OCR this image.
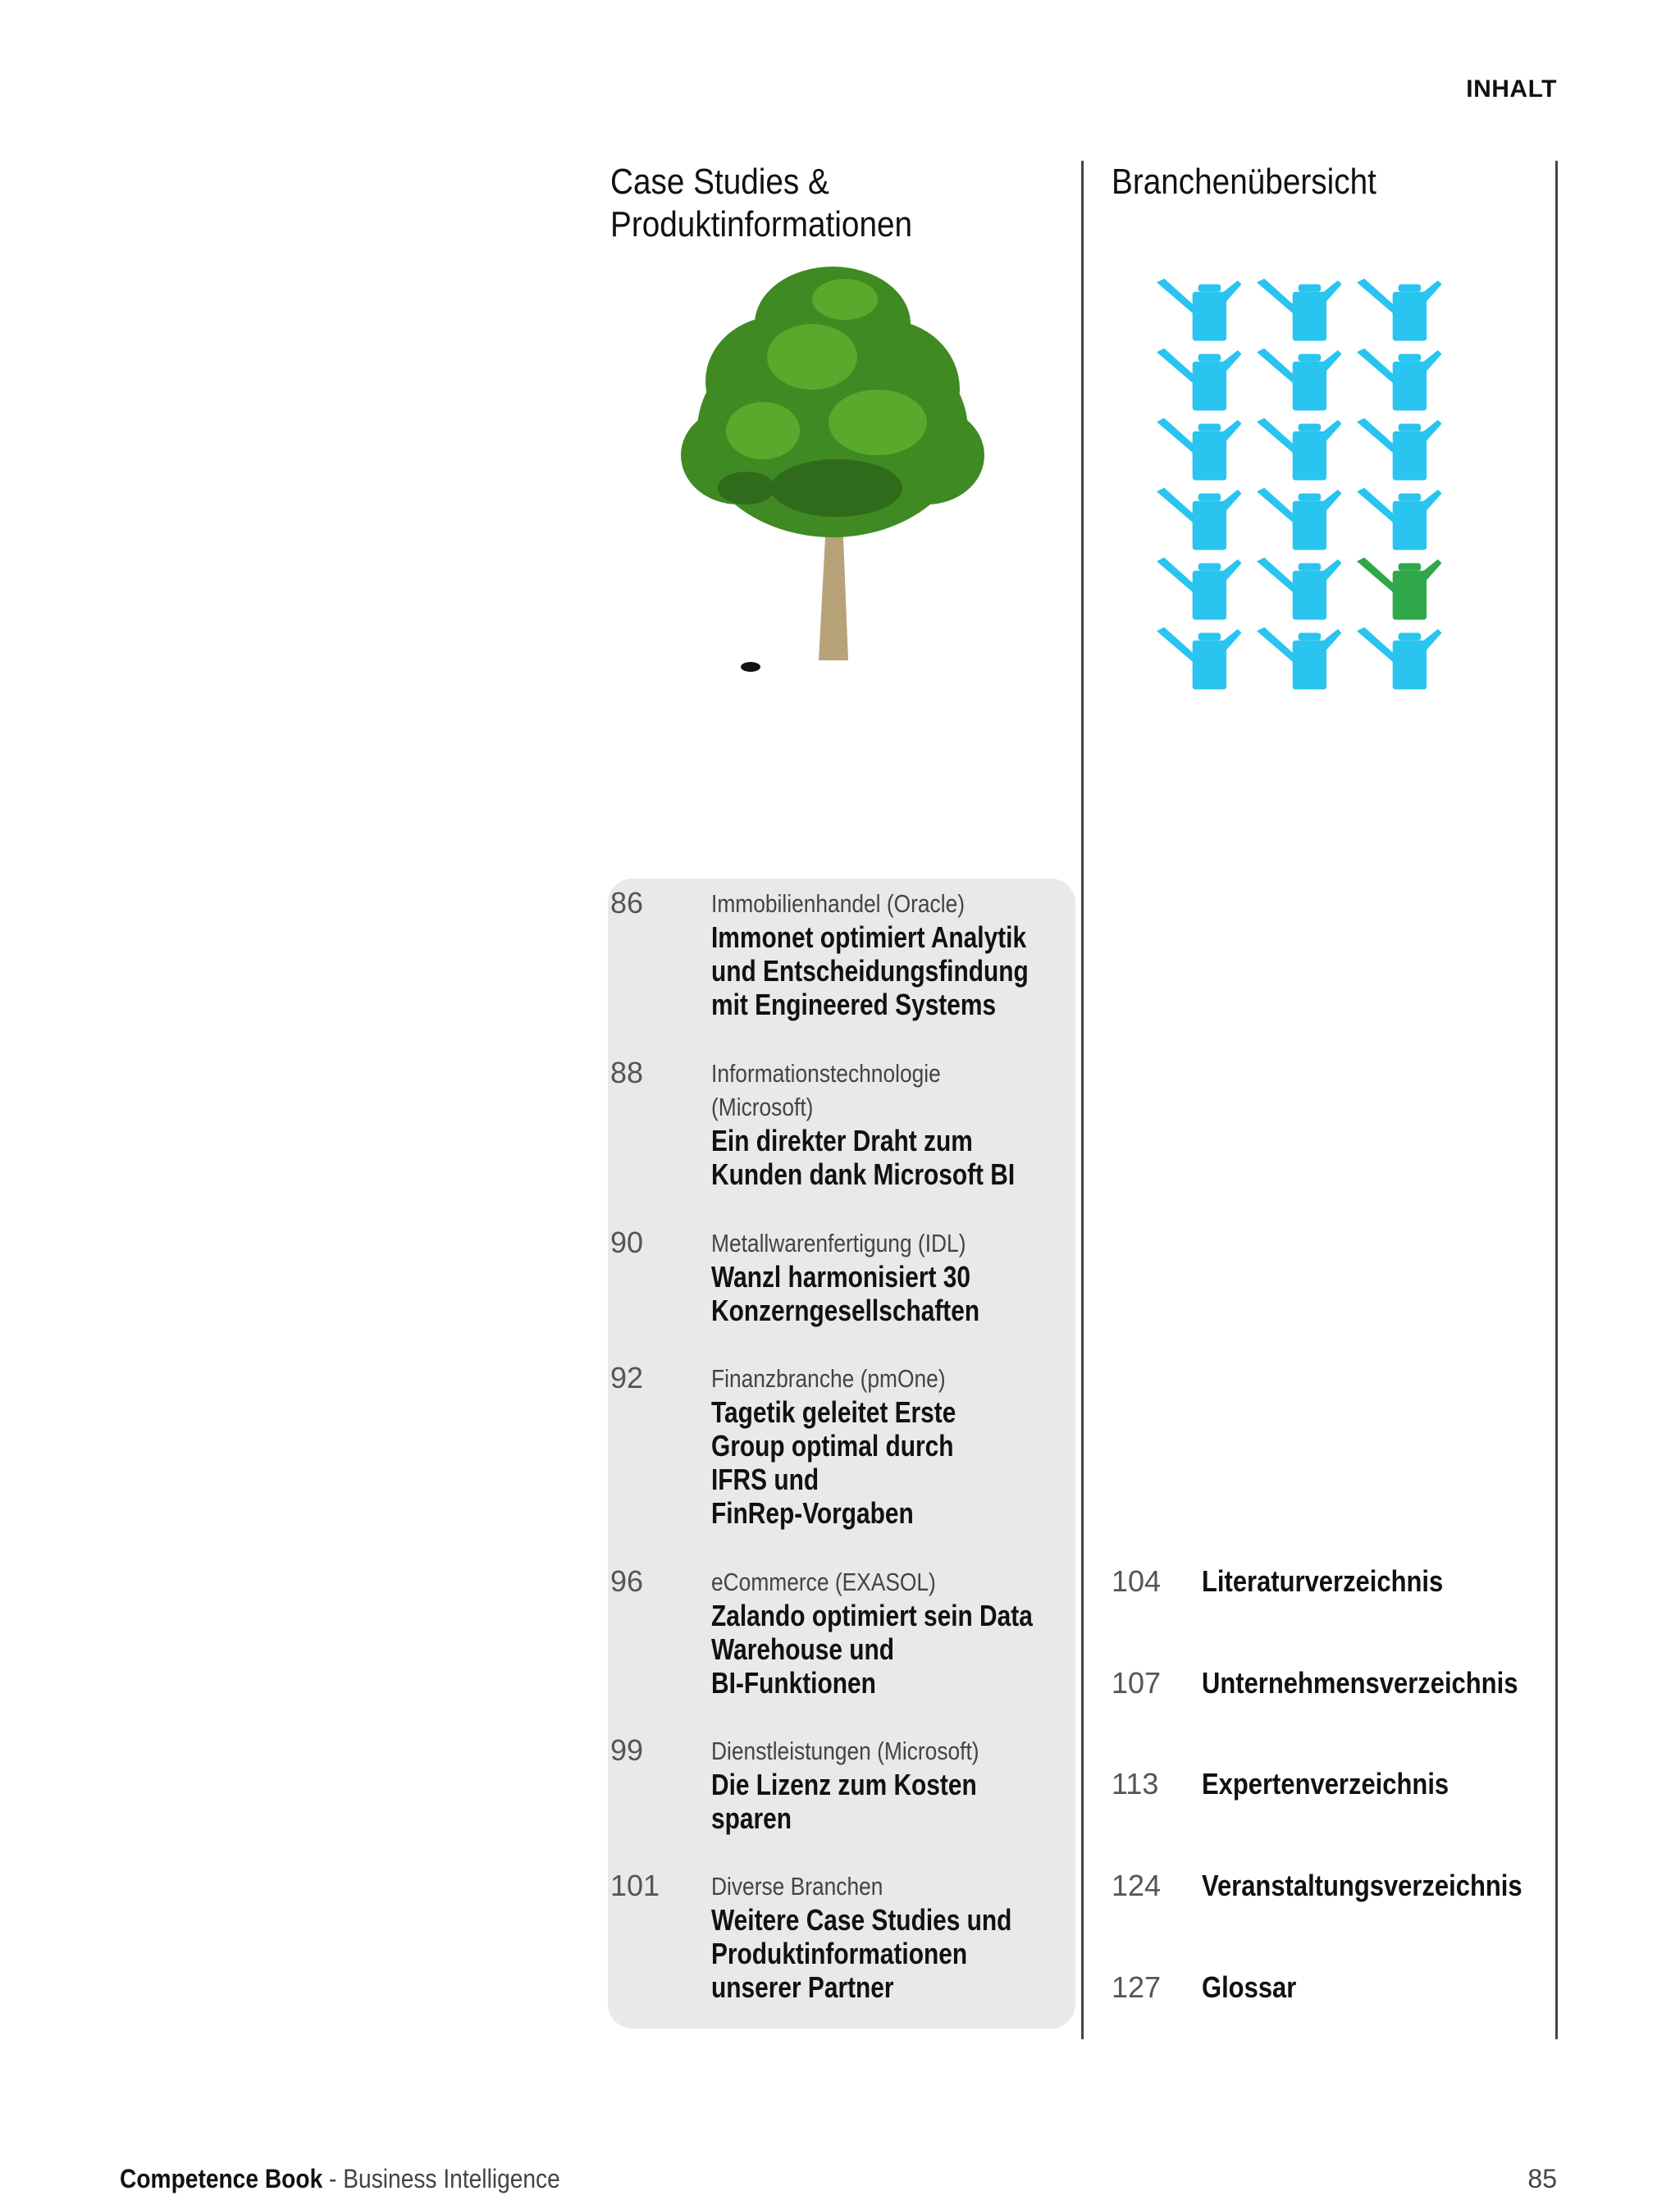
INHALT
Case Studies &
Produktinformationen
Branchenübersicht
86	Immobilienhandel (Oracle)
Immonet optimiert Analytik
und Entscheidungsfindung
mit Engineered Systems
88	Informationstechnologie
(Microsoft)
Ein direkter Draht zum
Kunden dank Microsoft BI
90	Metallwarenfertigung (IDL)
Wanzl harmonisiert 30
Konzerngesellschaften
92	Finanzbranche (pmOne)
Tagetik geleitet Erste
Group optimal durch
IFRS und
FinRep-Vorgaben
96	eCommerce (EXASOL)
Zalando optimiert sein Data
Warehouse und
BI-Funktionen
99	Dienstleistungen (Microsoft)
Die Lizenz zum Kosten
sparen
101 Diverse Branchen
Weitere Case Studies und
Produktinformationen
unserer Partner
104 Literaturverzeichnis
107 Unternehmensverzeichnis
113 Expertenverzeichnis
124 Veranstaltungsverzeichnis
127 Glossar
Competence Book - Business Intelligence	85
